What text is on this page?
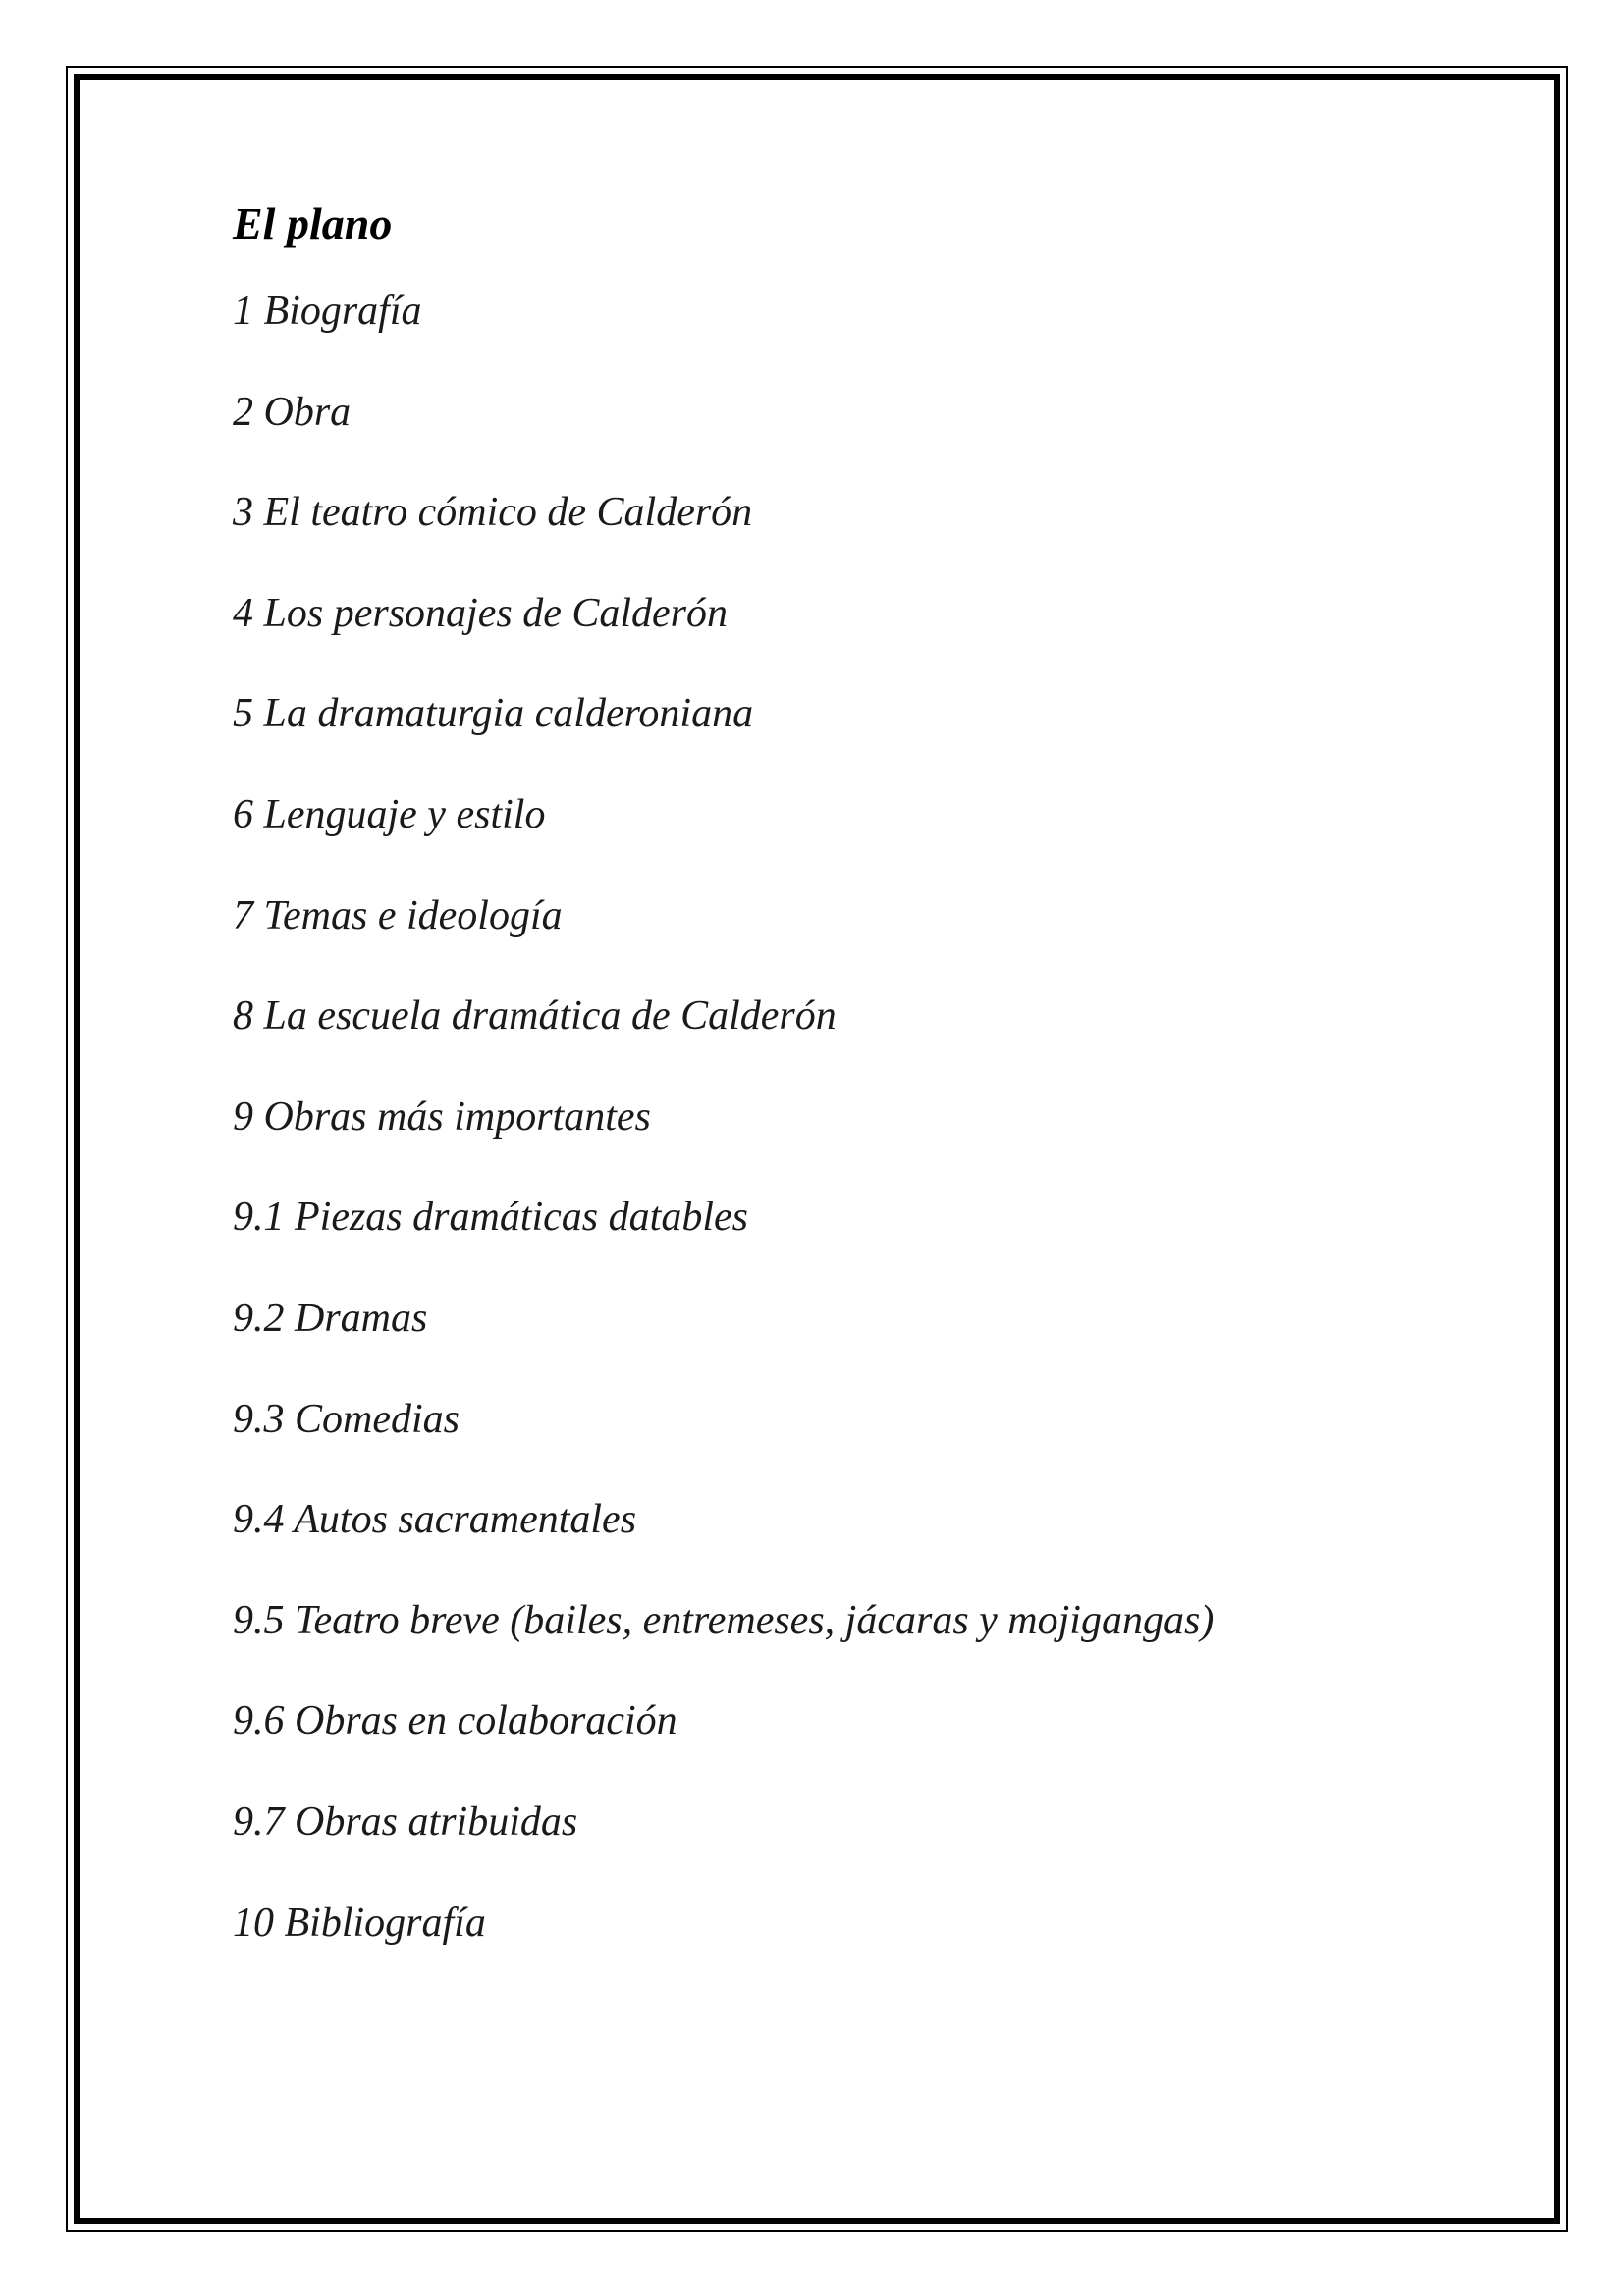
El plano
1 Biografía
2 Obra
3 El teatro cómico de Calderón
4 Los personajes de Calderón
5 La dramaturgia calderoniana
6 Lenguaje y estilo
7 Temas e ideología
8 La escuela dramática de Calderón
9 Obras más importantes
9.1 Piezas dramáticas datables
9.2 Dramas
9.3 Comedias
9.4 Autos sacramentales
9.5 Teatro breve (bailes, entremeses, jácaras y mojigangas)
9.6 Obras en colaboración
9.7 Obras atribuidas
10 Bibliografía
